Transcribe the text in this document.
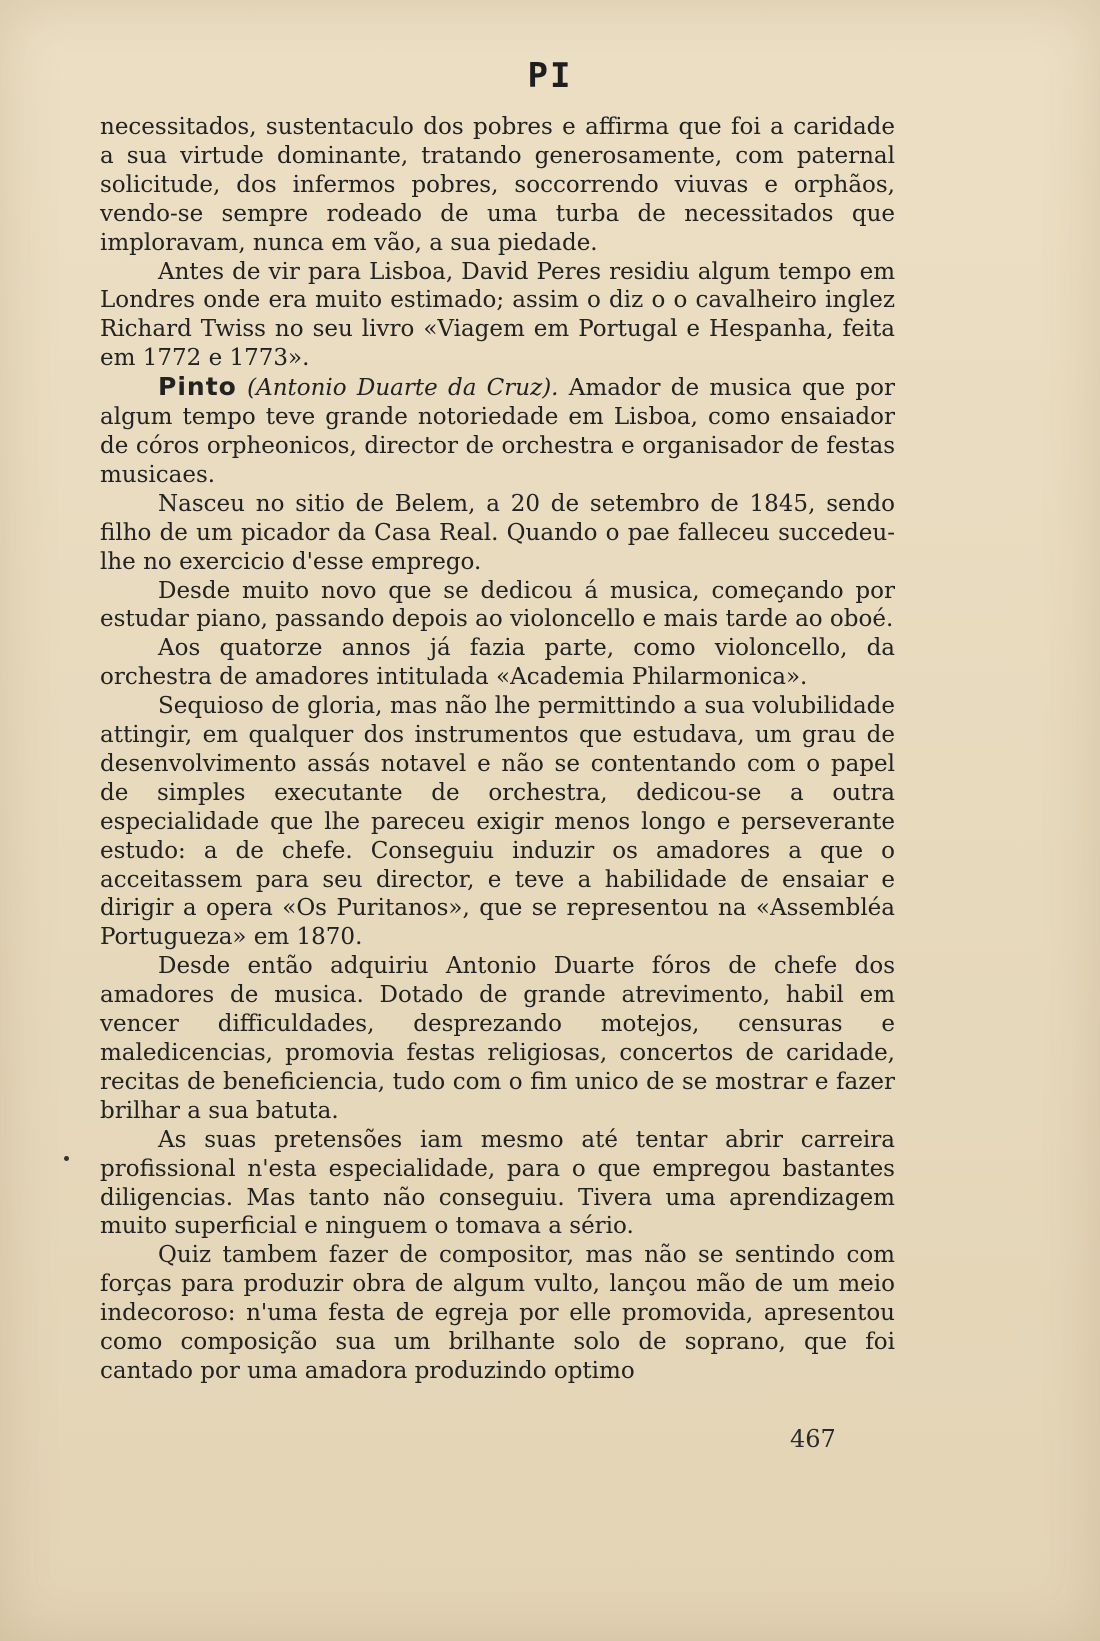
PI

necessitados, sustentaculo dos pobres e affirma que foi a caridade a sua virtude dominante, tratando generosamente, com paternal solicitude, dos infermos pobres, soccorrendo viuvas e orphãos, vendo-se sempre rodeado de uma turba de necessitados que imploravam, nunca em vão, a sua piedade.

Antes de vir para Lisboa, David Peres residiu algum tempo em Londres onde era muito estimado; assim o diz o o cavalheiro inglez Richard Twiss no seu livro «Viagem em Portugal e Hespanha, feita em 1772 e 1773».

Pinto (Antonio Duarte da Cruz). Amador de musica que por algum tempo teve grande notoriedade em Lisboa, como ensaiador de córos orpheonicos, director de orchestra e organisador de festas musicaes.

Nasceu no sitio de Belem, a 20 de setembro de 1845, sendo filho de um picador da Casa Real. Quando o pae falleceu succedeu-lhe no exercicio d'esse emprego.

Desde muito novo que se dedicou á musica, começando por estudar piano, passando depois ao violoncello e mais tarde ao oboé.

Aos quatorze annos já fazia parte, como violoncello, da orchestra de amadores intitulada «Academia Philarmonica».

Sequioso de gloria, mas não lhe permittindo a sua volubilidade attingir, em qualquer dos instrumentos que estudava, um grau de desenvolvimento assás notavel e não se contentando com o papel de simples executante de orchestra, dedicou-se a outra especialidade que lhe pareceu exigir menos longo e perseverante estudo: a de chefe. Conseguiu induzir os amadores a que o acceitassem para seu director, e teve a habilidade de ensaiar e dirigir a opera «Os Puritanos», que se representou na «Assembléa Portugueza» em 1870.

Desde então adquiriu Antonio Duarte fóros de chefe dos amadores de musica. Dotado de grande atrevimento, habil em vencer difficuldades, desprezando motejos, censuras e maledicencias, promovia festas religiosas, concertos de caridade, recitas de beneficiencia, tudo com o fim unico de se mostrar e fazer brilhar a sua batuta.

As suas pretensões iam mesmo até tentar abrir carreira profissional n'esta especialidade, para o que empregou bastantes diligencias. Mas tanto não conseguiu. Tivera uma aprendizagem muito superficial e ninguem o tomava a sério.

Quiz tambem fazer de compositor, mas não se sentindo com forças para produzir obra de algum vulto, lançou mão de um meio indecoroso: n'uma festa de egreja por elle promovida, apresentou como composição sua um brilhante solo de soprano, que foi cantado por uma amadora produzindo optimo

467
